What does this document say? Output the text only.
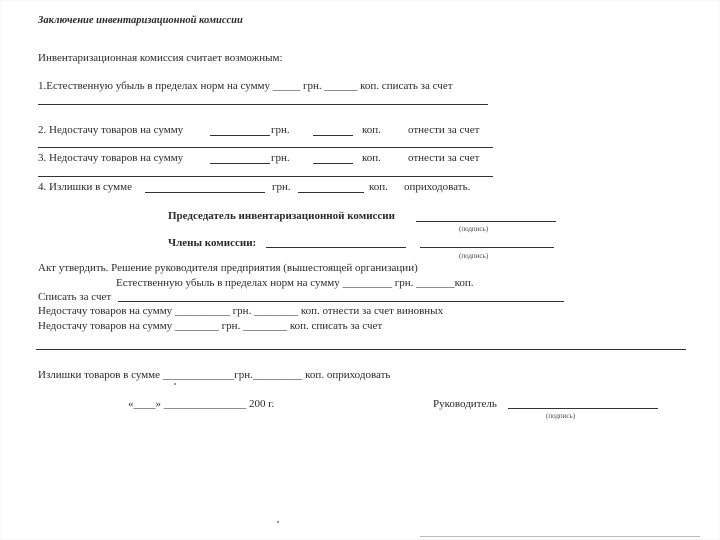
Заключение инвентаризационной комиссии
Инвентаризационная комиссия считает возможным:
1.Естественную убыль в пределах норм на сумму _____ грн. ______ коп. списать за счет
2. Недостачу товаров на сумму	грн.	коп. отнести за счет
3. Недостачу товаров на сумму	грн.	коп. отнести за счет
4. Излишки в сумме	грн.	коп. оприходовать.
Председатель инвентаризационной комиссии
(подпись)
Члены комиссии:
(подпись)
Акт утвердить. Решение руководителя предприятия (вышестоящей организации)
Естественную убыль в пределах норм на сумму _________ грн. _______коп.
Списать за счет
Недостачу товаров на сумму __________ грн. ________ коп. отнести за счет виновных
Недостачу товаров на сумму ________ грн. ________ коп. списать за счет
Излишки товаров в сумме _____________грн._________ коп. оприходовать
«____» _______________ 200 г.	Руководитель
(подпись)
